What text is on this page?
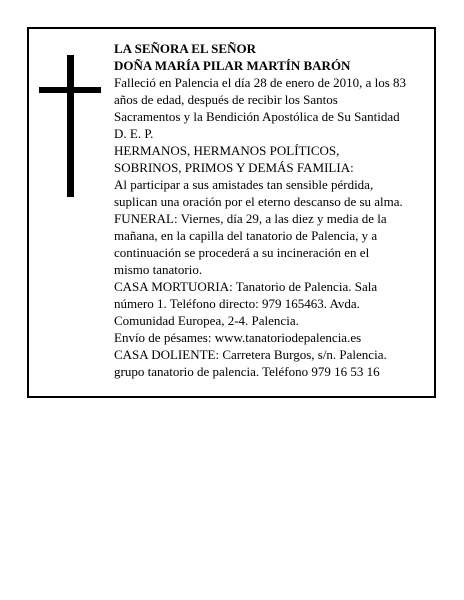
LA SEÑORA EL SEÑOR
DOÑA MARÍA PILAR MARTÍN BARÓN
Falleció en Palencia el día 28 de enero de 2010, a los 83
años de edad, después de recibir los Santos
Sacramentos y la Bendición Apostólica de Su Santidad
D. E. P.
HERMANOS, HERMANOS POLÍTICOS,
SOBRINOS, PRIMOS Y DEMÁS FAMILIA:
Al participar a sus amistades tan sensible pérdida,
suplican una oración por el eterno descanso de su alma.
FUNERAL: Viernes, día 29, a las diez y media de la
mañana, en la capilla del tanatorio de Palencia, y a
continuación se procederá a su incineración en el
mismo tanatorio.
CASA MORTUORIA: Tanatorio de Palencia. Sala
número 1. Teléfono directo: 979 165463. Avda.
Comunidad Europea, 2-4. Palencia.
Envío de pésames: www.tanatoriodepalencia.es
CASA DOLIENTE: Carretera Burgos, s/n. Palencia.
grupo tanatorio de palencia. Teléfono 979 16 53 16
